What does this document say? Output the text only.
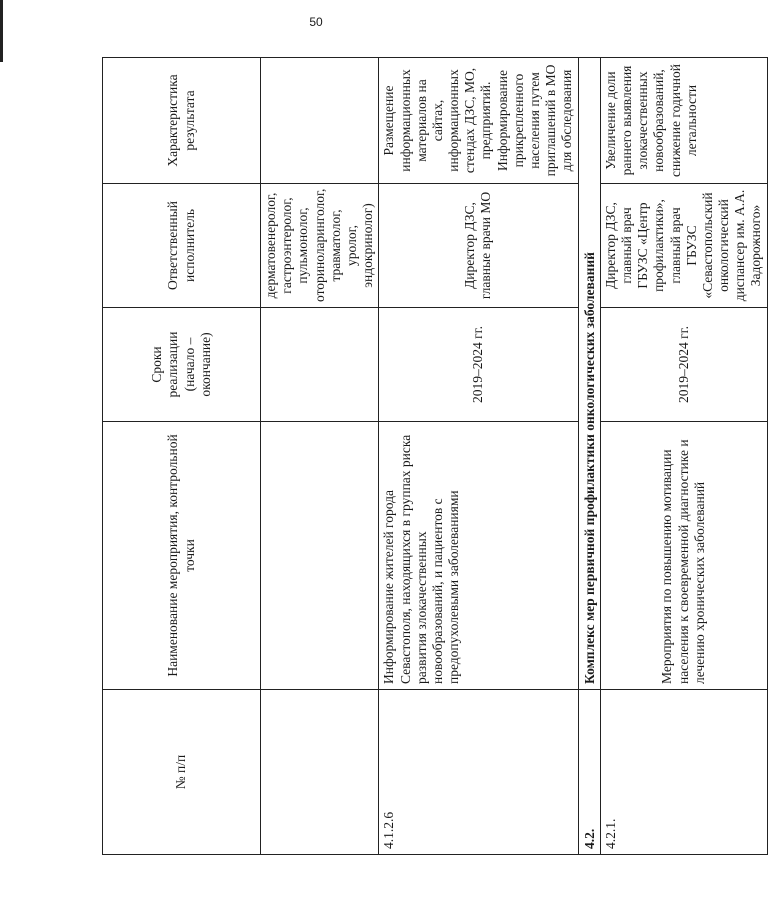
50
№ п/п	Наименование мероприятия, контрольной точки	Сроки реализации (начало – окончание)	Ответственный исполнитель	Характеристика результата
			дерматовенеролог, гастроэнтеролог, пульмонолог, оториноларинголог, травматолог, уролог, эндокринолог)	
4.1.2.6	Информирование жителей города Севастополя, находящихся в группах риска развития злокачественных новообразований, и пациентов с предопухолевыми заболеваниями	2019–2024 гг.	Директор ДЗС, главные врачи МО	Размещение информационных материалов на сайтах, информационных стендах ДЗС, МО, предприятий. Информирование прикрепленного населения путем приглашений в МО для обследования
4.2.	Комплекс мер первичной профилактики онкологических заболеваний			
4.2.1.	Мероприятия по повышению мотивации населения к своевременной диагностике и лечению хронических заболеваний	2019–2024 гг.	Директор ДЗС, главный врач ГБУЗС «Центр профилактики», главный врач ГБУЗС «Севастопольский онкологический диспансер им. А.А. Задорожного»	Увеличение доли раннего выявления злокачественных новообразований, снижение годичной летальности
